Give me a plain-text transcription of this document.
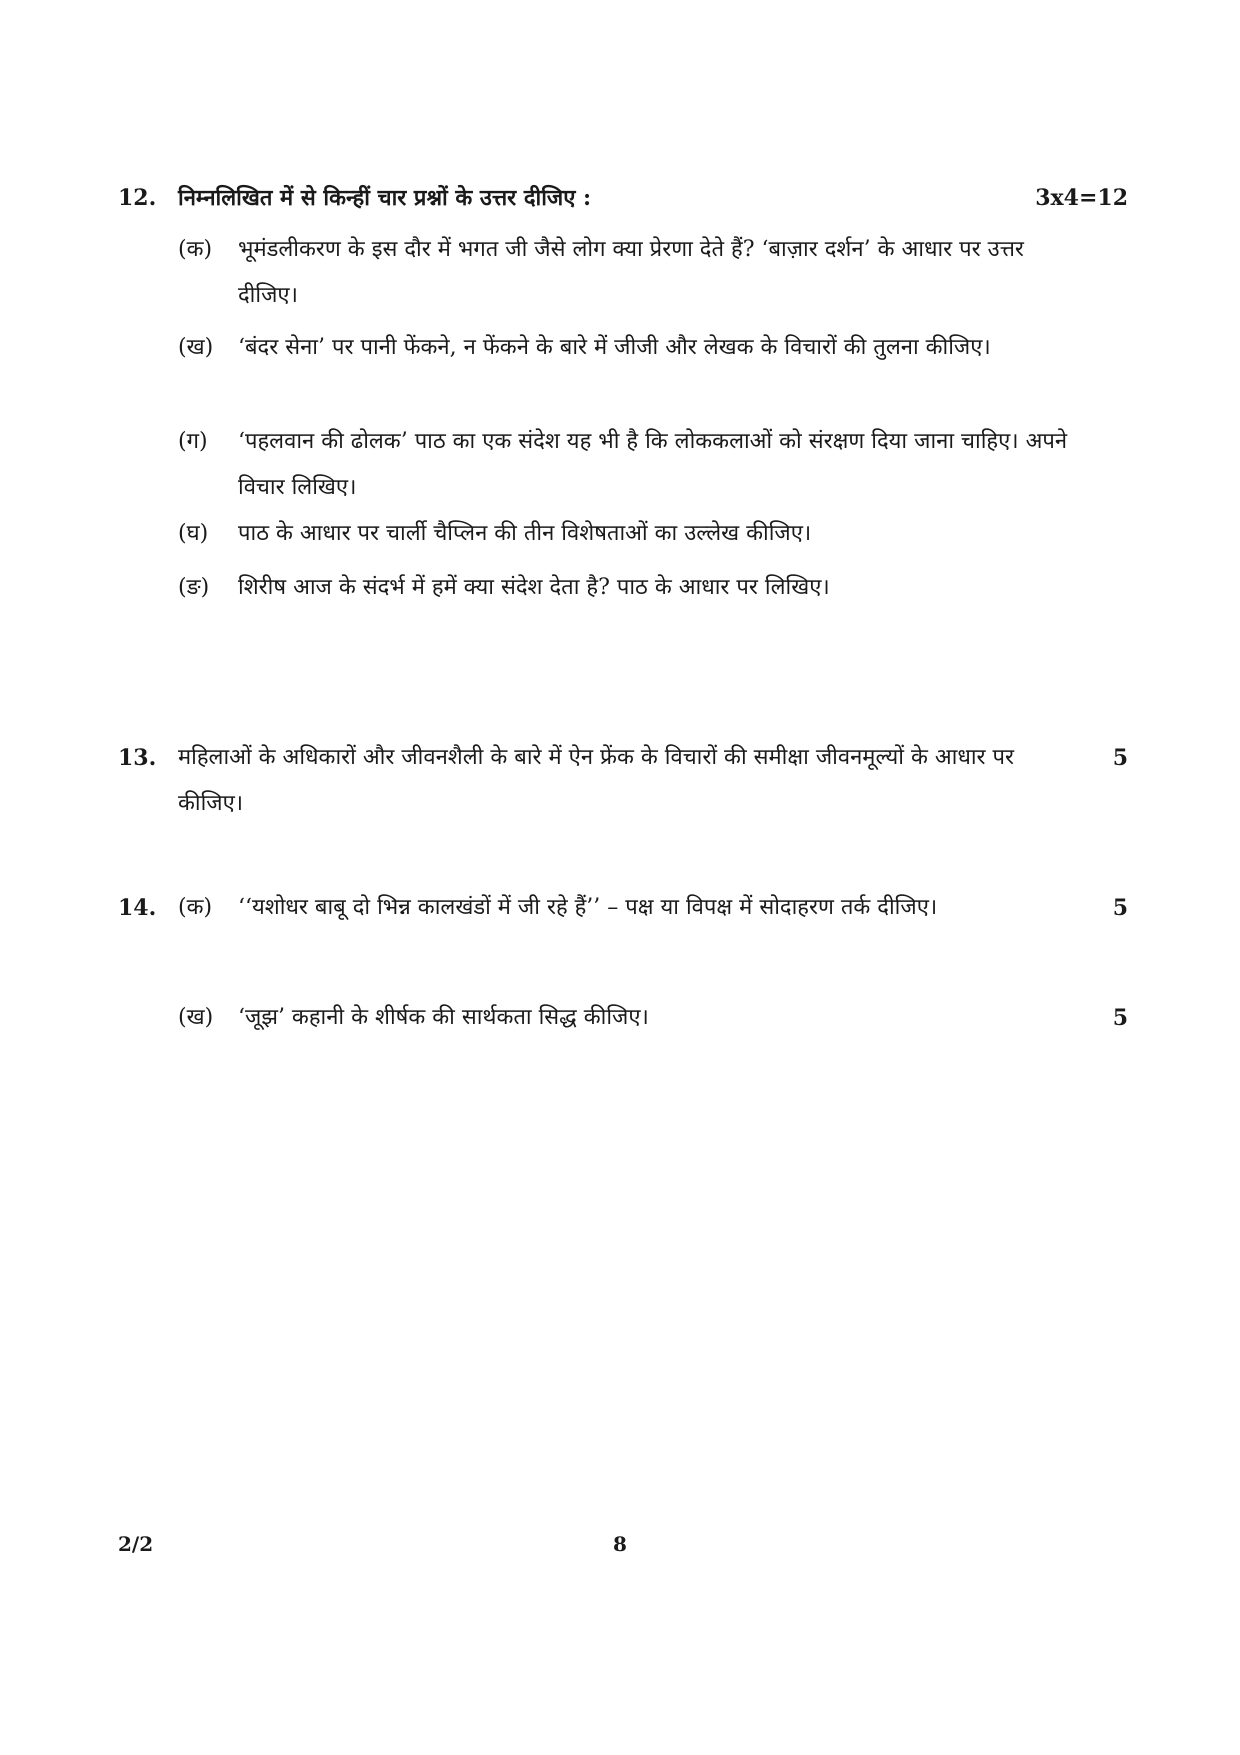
12. निम्नलिखित में से किन्हीं चार प्रश्नों के उत्तर दीजिए :	3x4=12
(क)	भूमंडलीकरण के इस दौर में भगत जी जैसे लोग क्या प्रेरणा देते हैं? ‘बाज़ार दर्शन’ के आधार पर उत्तर दीजिए।
(ख)	‘बंदर सेना’ पर पानी फेंकने, न फेंकने के बारे में जीजी और लेखक के विचारों की तुलना कीजिए।
(ग)	‘पहलवान की ढोलक’ पाठ का एक संदेश यह भी है कि लोककलाओं को संरक्षण दिया जाना चाहिए। अपने विचार लिखिए।
(घ)	पाठ के आधार पर चार्ली चैप्लिन की तीन विशेषताओं का उल्लेख कीजिए।
(ङ)	शिरीष आज के संदर्भ में हमें क्या संदेश देता है? पाठ के आधार पर लिखिए।
13. महिलाओं के अधिकारों और जीवनशैली के बारे में ऐन फ्रेंक के विचारों की समीक्षा जीवनमूल्यों के आधार पर कीजिए।
5
14. (क)	‘‘यशोधर बाबू दो भिन्न कालखंडों में जी रहे हैं’’ – पक्ष या विपक्ष में सोदाहरण तर्क दीजिए।	5
(ख)	‘जूझ’ कहानी के शीर्षक की सार्थकता सिद्ध कीजिए।	5
2/2	8
